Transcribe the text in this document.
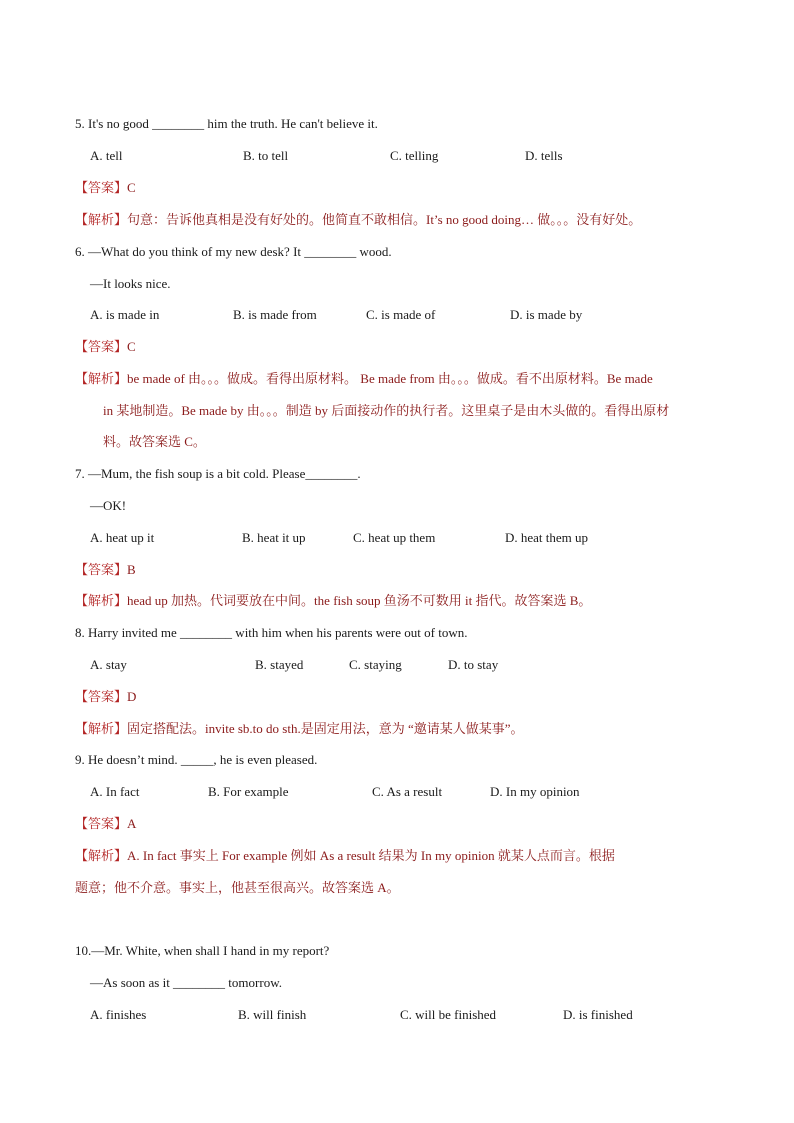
5. It's no good ________ him the truth. He can't believe it.
A. tell	B. to tell	C. telling	D. tells
【答案】C
【解析】句意：告诉他真相是没有好处的。他简直不敢相信。It’s no good doing… 做。。。没有好处。
6. —What do you think of my new desk? It ________ wood.
—It looks nice.
A. is made in	B. is made from	C. is made of	D. is made by
【答案】C
【解析】be made of 由。。。做成。看得出原材料。 Be made from 由。。。做成。看不出原材料。Be made
in 某地制造。Be made by 由。。。制造 by 后面接动作的执行者。这里桌子是由木头做的。看得出原材
料。故答案选 C。
7. —Mum, the fish soup is a bit cold. Please________.
—OK!
A. heat up it	B. heat it up	C. heat up them	D. heat them up
【答案】B
【解析】head up 加热。代词要放在中间。the fish soup 鱼汤不可数用 it 指代。故答案选 B。
8. Harry invited me ________ with him when his parents were out of town.
A. stay	B. stayed	C. staying	D. to stay
【答案】D
【解析】固定搭配法。invite sb.to do sth.是固定用法，意为 “邀请某人做某事”。
9. He doesn’t mind. _____, he is even pleased.
A. In fact	B. For example	C. As a result	D. In my opinion
【答案】A
【解析】A. In fact 事实上 For example 例如 As a result 结果为 In my opinion 就某人点而言。根据
题意；他不介意。事实上，他甚至很高兴。故答案选 A。
10.—Mr. White, when shall I hand in my report?
—As soon as it ________ tomorrow.
A. finishes	B. will finish	C. will be finished	D. is finished
